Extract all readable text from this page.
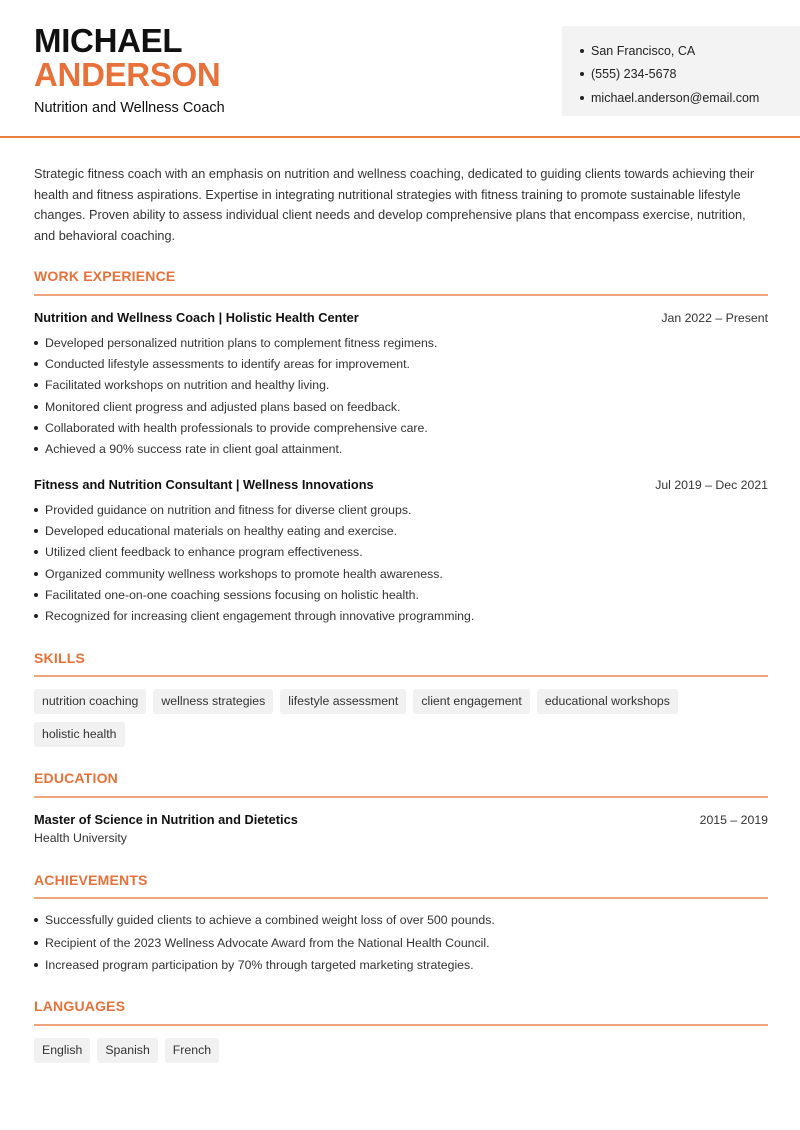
MICHAEL
ANDERSON
Nutrition and Wellness Coach
San Francisco, CA
(555) 234-5678
michael.anderson@email.com

Strategic fitness coach with an emphasis on nutrition and wellness coaching, dedicated to guiding clients towards achieving their health and fitness aspirations. Expertise in integrating nutritional strategies with fitness training to promote sustainable lifestyle changes. Proven ability to assess individual client needs and develop comprehensive plans that encompass exercise, nutrition, and behavioral coaching.

WORK EXPERIENCE
Nutrition and Wellness Coach | Holistic Health Center	Jan 2022 – Present
Developed personalized nutrition plans to complement fitness regimens.
Conducted lifestyle assessments to identify areas for improvement.
Facilitated workshops on nutrition and healthy living.
Monitored client progress and adjusted plans based on feedback.
Collaborated with health professionals to provide comprehensive care.
Achieved a 90% success rate in client goal attainment.
Fitness and Nutrition Consultant | Wellness Innovations	Jul 2019 – Dec 2021
Provided guidance on nutrition and fitness for diverse client groups.
Developed educational materials on healthy eating and exercise.
Utilized client feedback to enhance program effectiveness.
Organized community wellness workshops to promote health awareness.
Facilitated one-on-one coaching sessions focusing on holistic health.
Recognized for increasing client engagement through innovative programming.
SKILLS
nutrition coaching	wellness strategies	lifestyle assessment	client engagement	educational workshops
holistic health
EDUCATION
Master of Science in Nutrition and Dietetics	2015 – 2019
Health University
ACHIEVEMENTS
Successfully guided clients to achieve a combined weight loss of over 500 pounds.
Recipient of the 2023 Wellness Advocate Award from the National Health Council.
Increased program participation by 70% through targeted marketing strategies.
LANGUAGES
English	Spanish	French
